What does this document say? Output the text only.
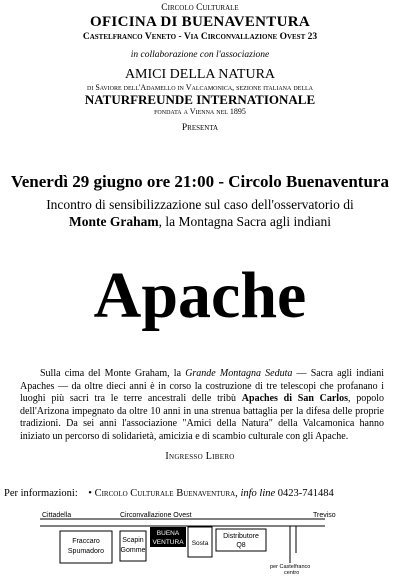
Circolo Culturale
OFICINA DI BUENAVENTURA
Castelfranco Veneto - Via Circonvallazione Ovest 23
in collaborazione con l'associazione
AMICI DELLA NATURA
di Saviore dell'Adamello in Valcamonica, sezione italiana della
NATURFREUNDE INTERNATIONALE
fondata a Vienna nel 1895
Presenta
Venerdì 29 giugno ore 21:00 - Circolo Buenaventura
Incontro di sensibilizzazione sul caso dell'osservatorio di
Monte Graham, la Montagna Sacra agli indiani
Apache
Sulla cima del Monte Graham, la Grande Montagna Seduta — Sacra agli indiani Apaches — da oltre dieci anni è in corso la costruzione di tre telescopi che profanano i luoghi più sacri tra le terre ancestrali delle tribù Apaches di San Carlos, popolo dell'Arizona impegnato da oltre 10 anni in una strenua battaglia per la difesa delle proprie tradizioni. Da sei anni l'associazione "Amici della Natura" della Valcamonica hanno iniziato un percorso di solidarietà, amicizia e di scambio culturale con gli Apache.
Ingresso Libero
Per informazioni: • Circolo Culturale Buenaventura, info line 0423-741484
Cittadella	Circonvallazione Ovest	Treviso
Fraccaro
Spumadoro
Scapin
Gomme
BUENA
VENTURA Sosta
Distributore
Q8
per Castelfranco
centro
